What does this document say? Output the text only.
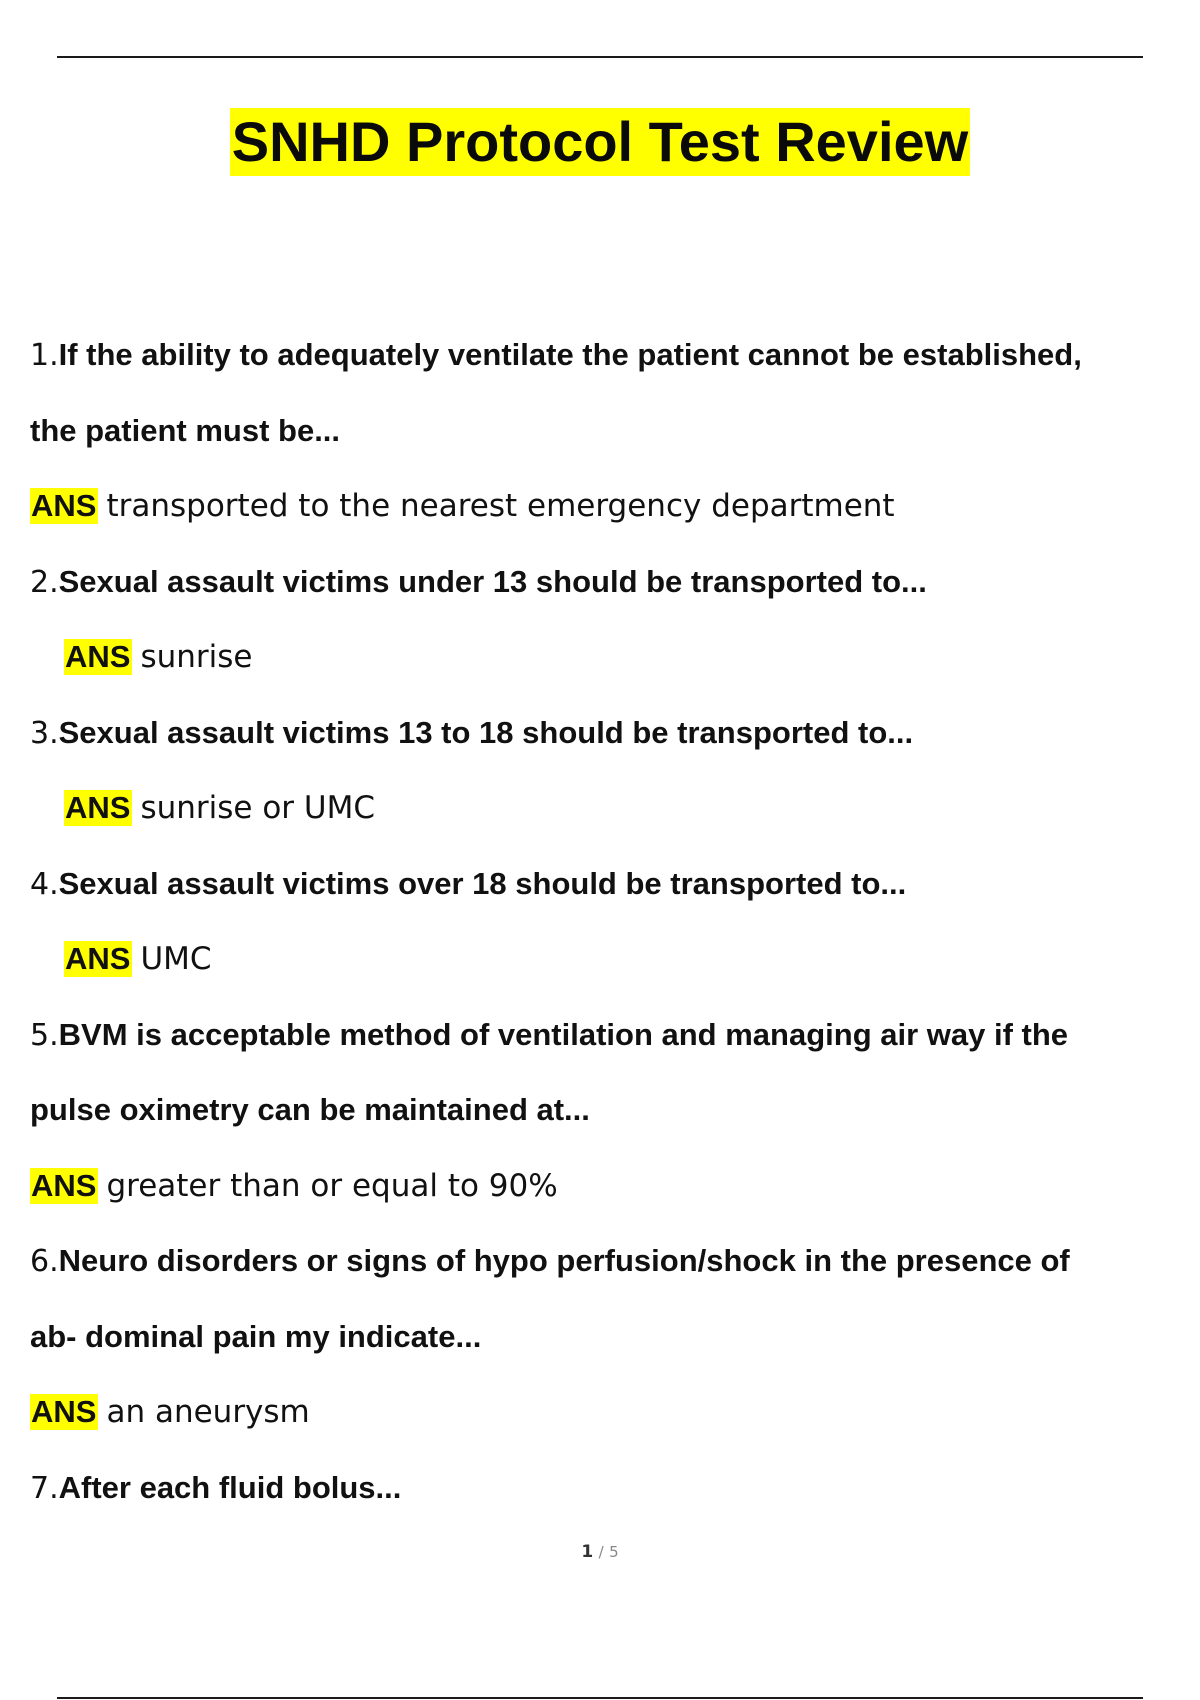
SNHD Protocol Test Review
1.If the ability to adequately ventilate the patient cannot be established,
the patient must be...
ANS transported to the nearest emergency department
2.Sexual assault victims under 13 should be transported to...
ANS sunrise
3.Sexual assault victims 13 to 18 should be transported to...
ANS sunrise or UMC
4.Sexual assault victims over 18 should be transported to...
ANS UMC
5.BVM is acceptable method of ventilation and managing air way if the
pulse oximetry can be maintained at...
ANS greater than or equal to 90%
6.Neuro disorders or signs of hypo perfusion/shock in the presence of
ab- dominal pain my indicate...
ANS an aneurysm
7.After each fluid bolus...
1 / 5
